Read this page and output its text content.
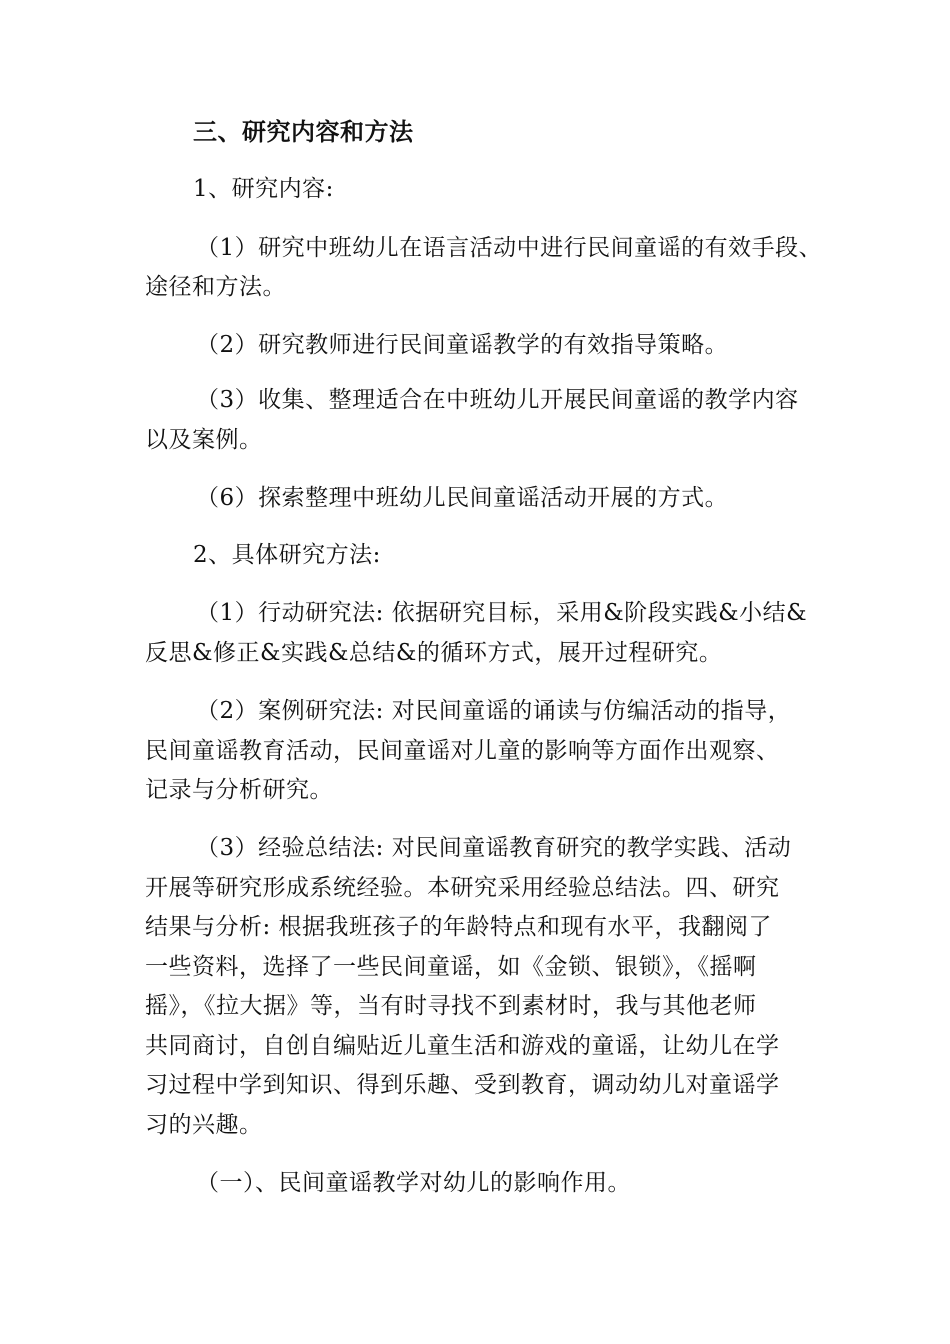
三、研究内容和方法
1、研究内容:
（1）研究中班幼儿在语言活动中进行民间童谣的有效手段、
途径和方法。
（2）研究教师进行民间童谣教学的有效指导策略。
（3）收集、整理适合在中班幼儿开展民间童谣的教学内容
以及案例。
（6）探索整理中班幼儿民间童谣活动开展的方式。
2、具体研究方法:
（1）行动研究法: 依据研究目标，采用&阶段实践&小结&
反思&修正&实践&总结&的循环方式，展开过程研究。
（2）案例研究法: 对民间童谣的诵读与仿编活动的指导，
民间童谣教育活动，民间童谣对儿童的影响等方面作出观察、
记录与分析研究。
（3）经验总结法: 对民间童谣教育研究的教学实践、活动
开展等研究形成系统经验。本研究采用经验总结法。四、研究
结果与分析: 根据我班孩子的年龄特点和现有水平，我翻阅了
一些资料，选择了一些民间童谣，如《金锁、银锁》，《摇啊
摇》，《拉大据》等，当有时寻找不到素材时，我与其他老师
共同商讨，自创自编贴近儿童生活和游戏的童谣，让幼儿在学
习过程中学到知识、得到乐趣、受到教育，调动幼儿对童谣学
习的兴趣。
（一）、民间童谣教学对幼儿的影响作用。
